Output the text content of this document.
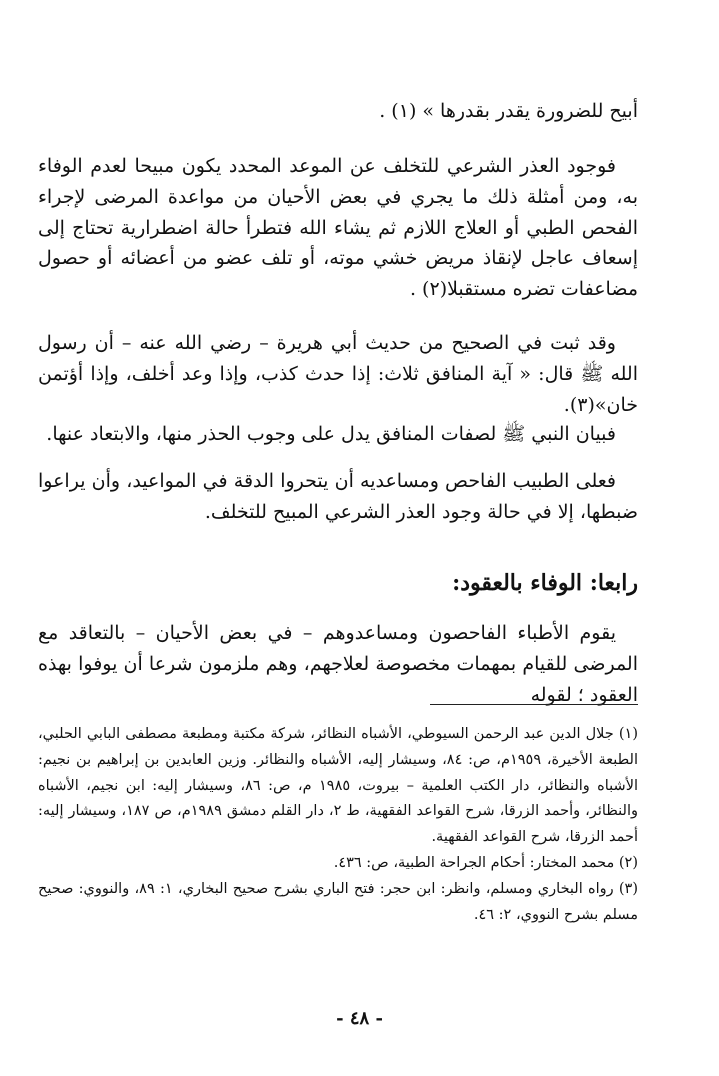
أبيح للضرورة يقدر بقدرها » (١) .

فوجود العذر الشرعي للتخلف عن الموعد المحدد يكون مبيحا لعدم الوفاء به، ومن أمثلة ذلك ما يجري في بعض الأحيان من مواعدة المرضى لإجراء الفحص الطبي أو العلاج اللازم ثم يشاء الله فتطرأ حالة اضطرارية تحتاج إلى إسعاف عاجل لإنقاذ مريض خشي موته، أو تلف عضو من أعضائه أو حصول مضاعفات تضره مستقبلا(٢) .

وقد ثبت في الصحيح من حديث أبي هريرة – رضي الله عنه – أن رسول الله ﷺ قال: « آية المنافق ثلاث: إذا حدث كذب، وإذا وعد أخلف، وإذا أؤتمن خان»(٣).

فبيان النبي ﷺ لصفات المنافق يدل على وجوب الحذر منها، والابتعاد عنها.

فعلى الطبيب الفاحص ومساعديه أن يتحروا الدقة في المواعيد، وأن يراعوا ضبطها، إلا في حالة وجود العذر الشرعي المبيح للتخلف.

رابعا: الوفاء بالعقود:

يقوم الأطباء الفاحصون ومساعدوهم – في بعض الأحيان – بالتعاقد مع المرضى للقيام بمهمات مخصوصة لعلاجهم، وهم ملزمون شرعا أن يوفوا بهذه العقود ؛ لقوله

(١) جلال الدين عبد الرحمن السيوطي، الأشباه النظائر، شركة مكتبة ومطبعة مصطفى البابي الحلبي، الطبعة الأخيرة، ١٩٥٩م، ص: ٨٤، وسيشار إليه، الأشباه والنظائر. وزين العابدين بن إبراهيم بن نجيم: الأشباه والنظائر، دار الكتب العلمية – بيروت، ١٩٨٥ م، ص: ٨٦، وسيشار إليه: ابن نجيم، الأشباه والنظائر، وأحمد الزرقا، شرح القواعد الفقهية، ط ٢، دار القلم دمشق ١٩٨٩م، ص ١٨٧، وسيشار إليه: أحمد الزرقا، شرح القواعد الفقهية.

(٢) محمد المختار: أحكام الجراحة الطبية، ص: ٤٣٦.

(٣) رواه البخاري ومسلم، وانظر: ابن حجر: فتح الباري بشرح صحيح البخاري، ١: ٨٩، والنووي: صحيح مسلم بشرح النووي، ٢: ٤٦.

- ٤٨ -
